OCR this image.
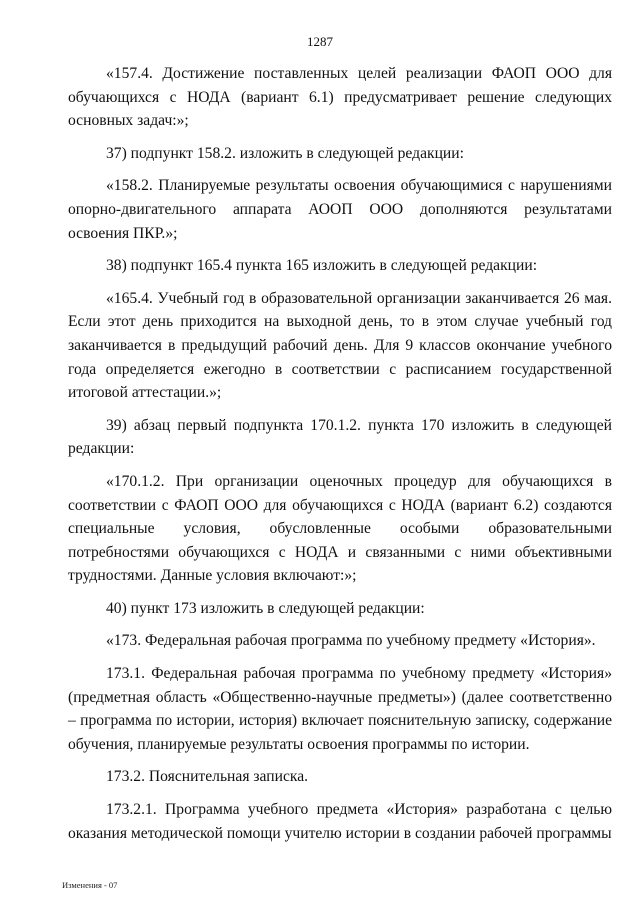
1287

«157.4. Достижение поставленных целей реализации ФАОП ООО для обучающихся с НОДА (вариант 6.1) предусматривает решение следующих основных задач:»;

37) подпункт 158.2. изложить в следующей редакции:

«158.2. Планируемые результаты освоения обучающимися с нарушениями опорно-двигательного аппарата АООП ООО дополняются результатами освоения ПКР.»;

38) подпункт 165.4 пункта 165 изложить в следующей редакции:

«165.4. Учебный год в образовательной организации заканчивается 26 мая. Если этот день приходится на выходной день, то в этом случае учебный год заканчивается в предыдущий рабочий день. Для 9 классов окончание учебного года определяется ежегодно в соответствии с расписанием государственной итоговой аттестации.»;

39) абзац первый подпункта 170.1.2. пункта 170 изложить в следующей редакции:

«170.1.2. При организации оценочных процедур для обучающихся в соответствии с ФАОП ООО для обучающихся с НОДА (вариант 6.2) создаются специальные условия, обусловленные особыми образовательными потребностями обучающихся с НОДА и связанными с ними объективными трудностями. Данные условия включают:»;

40) пункт 173 изложить в следующей редакции:

«173. Федеральная рабочая программа по учебному предмету «История».

173.1. Федеральная рабочая программа по учебному предмету «История» (предметная область «Общественно-научные предметы») (далее соответственно – программа по истории, история) включает пояснительную записку, содержание обучения, планируемые результаты освоения программы по истории.

173.2. Пояснительная записка.

173.2.1. Программа учебного предмета «История» разработана с целью оказания методической помощи учителю истории в создании рабочей программы

Изменения - 07
